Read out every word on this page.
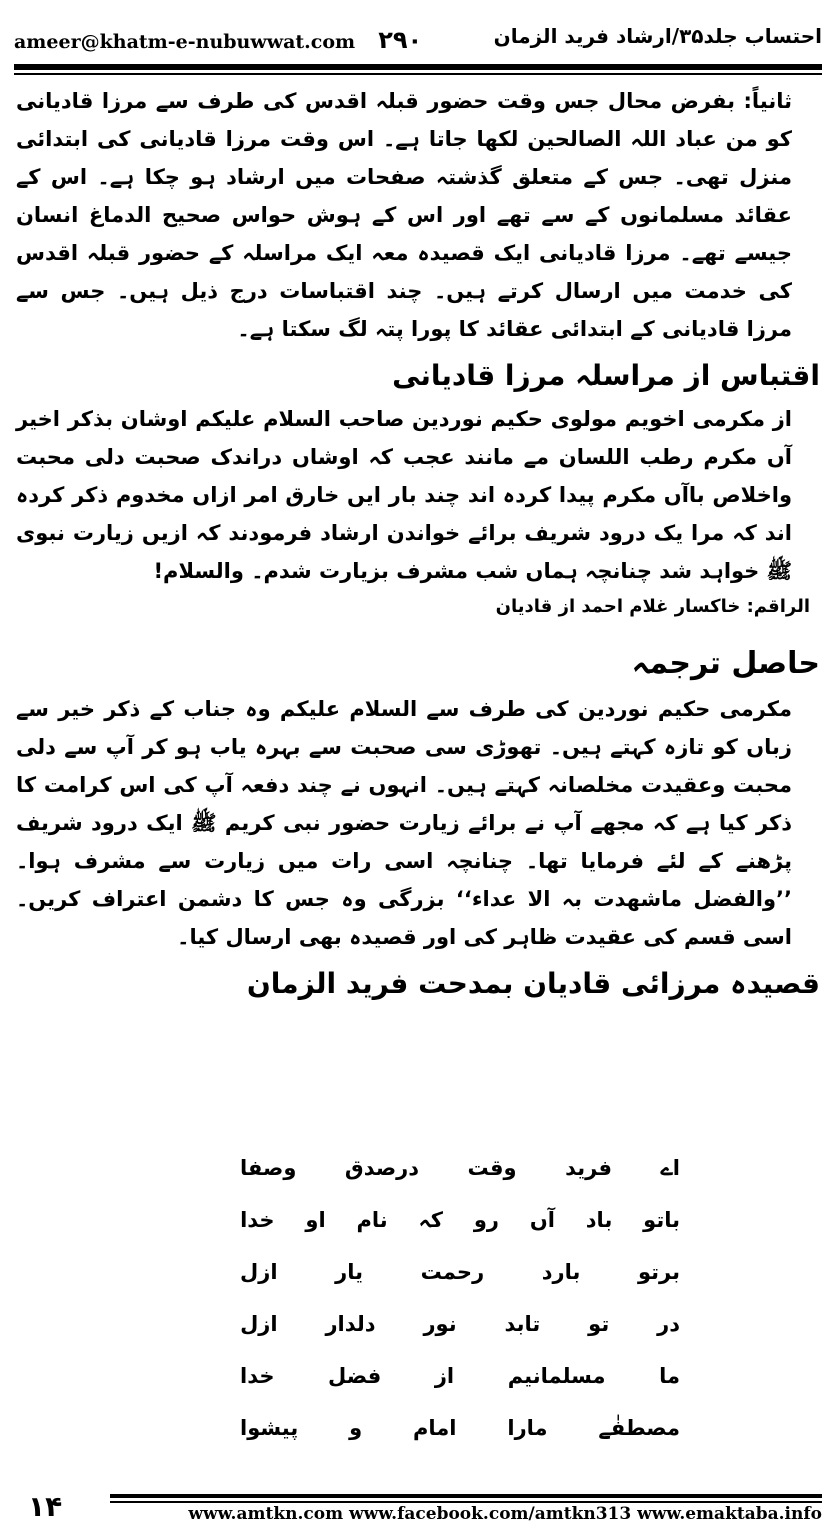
ameer@khatm-e-nubuwwat.com ۲۹۰	احتساب جلد۳۵/ارشاد فرید الزمان

ثانیاً: بفرض محال جس وقت حضور قبلہ اقدس کی طرف سے مرزا قادیانی کو من عباد اللہ الصالحین لکھا جاتا ہے۔ اس وقت مرزا قادیانی کی ابتدائی منزل تھی۔ جس کے متعلق گذشتہ صفحات میں ارشاد ہو چکا ہے۔ اس کے عقائد مسلمانوں کے سے تھے اور اس کے ہوش حواس صحیح الدماغ انسان جیسے تھے۔ مرزا قادیانی ایک قصیدہ معہ ایک مراسلہ کے حضور قبلہ اقدس کی خدمت میں ارسال کرتے ہیں۔ چند اقتباسات درج ذیل ہیں۔ جس سے مرزا قادیانی کے ابتدائی عقائد کا پورا پتہ لگ سکتا ہے۔

اقتباس از مراسلہ مرزا قادیانی

از مکرمی اخویم مولوی حکیم نوردین صاحب السلام علیکم اوشان بذکر اخیر آں مکرم رطب اللسان مے مانند عجب کہ اوشاں دراندک صحبت دلی محبت واخلاص باآں مکرم پیدا کردہ اند چند بار ایں خارق امر ازاں مخدوم ذکر کردہ اند کہ مرا یک درود شریف برائے خواندن ارشاد فرمودند کہ ازیں زیارت نبوی ﷺ خواہد شد چنانچہ ہماں شب مشرف بزیارت شدم۔ والسلام!

الراقم: خاکسار غلام احمد از قادیان
حاصل ترجمہ

مکرمی حکیم نوردین کی طرف سے السلام علیکم وہ جناب کے ذکر خیر سے زباں کو تازہ کہتے ہیں۔ تھوڑی سی صحبت سے بہرہ یاب ہو کر آپ سے دلی محبت وعقیدت مخلصانہ کہتے ہیں۔ انہوں نے چند دفعہ آپ کی اس کرامت کا ذکر کیا ہے کہ مجھے آپ نے برائے زیارت حضور نبی کریم ﷺ ایک درود شریف پڑھنے کے لئے فرمایا تھا۔ چنانچہ اسی رات میں زیارت سے مشرف ہوا۔ ’’والفضل ماشھدت بہ الا عداء‘‘ بزرگی وہ جس کا دشمن اعتراف کریں۔ اسی قسم کی عقیدت ظاہر کی اور قصیدہ بھی ارسال کیا۔

قصیدہ مرزائی قادیان بمدحت فرید الزمان
اے
فرید
وقت
درصدق
وصفا
باتو
باد
آں
رو
کہ
نام
او
خدا
برتو
بارد
رحمت
یار
ازل
در
تو
تابد
نور
دلدار
ازل
ما
مسلمانیم
از
فضل
خدا
مصطفٰے
مارا
امام
و
پیشوا
۱۴	www.amtkn.com www.facebook.com/amtkn313 www.emaktaba.info
